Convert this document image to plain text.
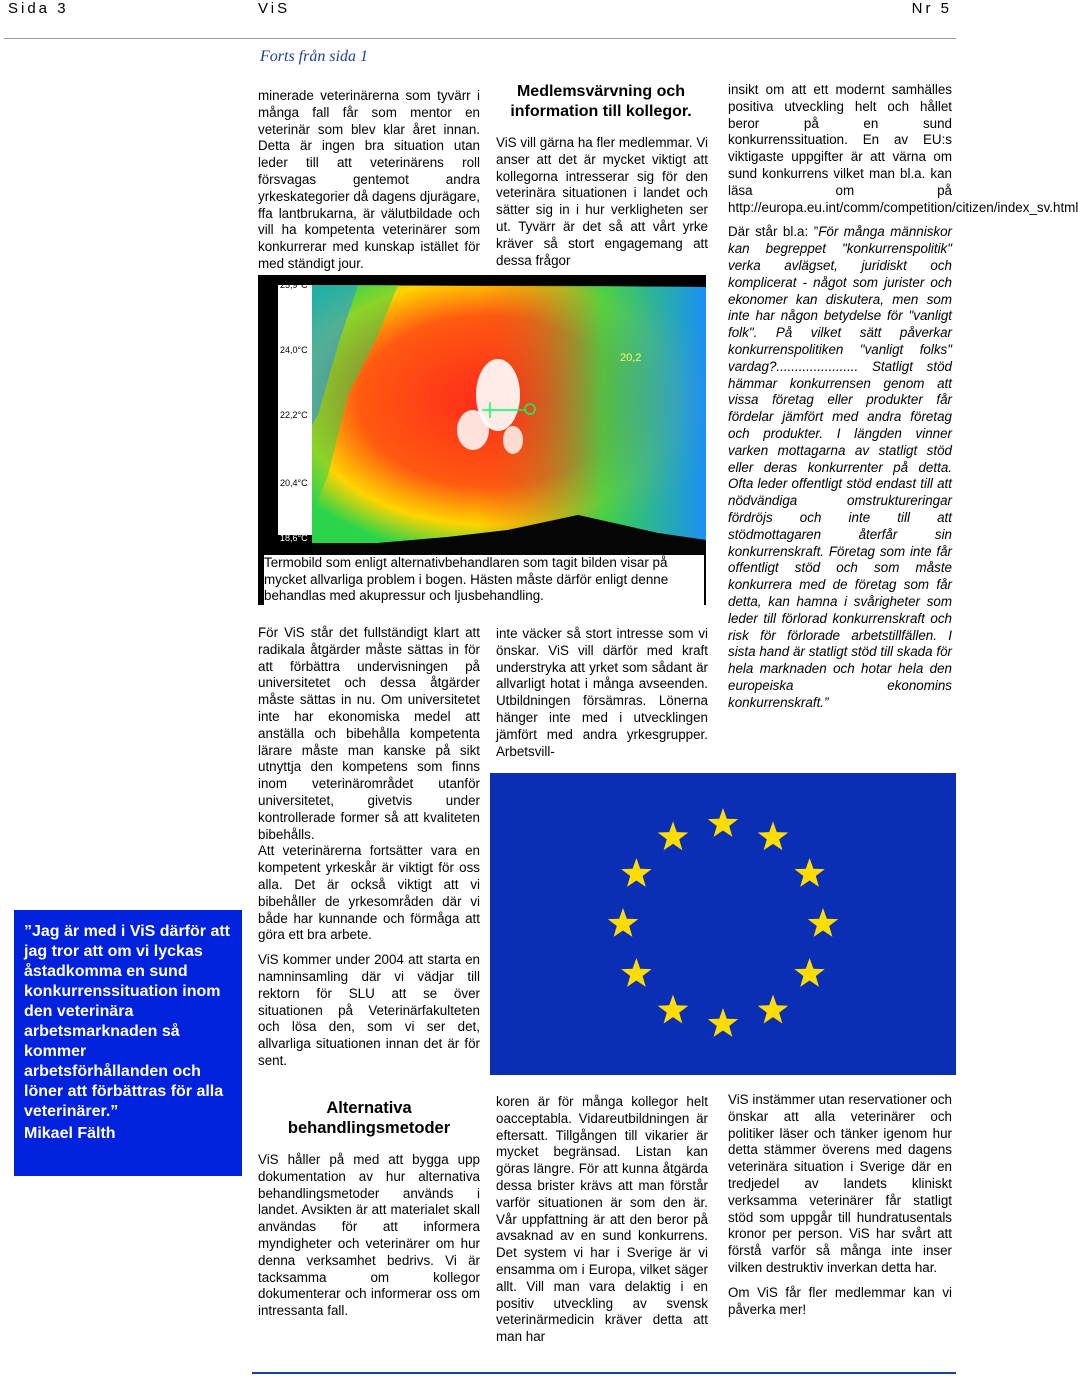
Sida 3	ViS	Nr 5
Forts från sida 1

minerade veterinärerna som tyvärr i många fall får som mentor en veterinär som blev klar året innan. Detta är ingen bra situation utan leder till att veterinärens roll försvagas gentemot andra yrkeskategorier då dagens djurägare, ffa lantbrukarna, är välutbildade och vill ha kompetenta veterinärer som konkurrerar med kunskap istället för med ständigt jour.

Medlemsvärvning och information till kollegor.

ViS vill gärna ha fler medlemmar. Vi anser att det är mycket viktigt att kollegorna intresserar sig för den veterinära situationen i landet och sätter sig in i hur verkligheten ser ut. Tyvärr är det så att vårt yrke kräver så stort engagemang att dessa frågor

25,9°C
24,0°C
22,2°C
20,4°C
18,6°C
20,2
Termobild som enligt alternativbehandlaren som tagit bilden visar på mycket allvarliga problem i bogen. Hästen måste därför enligt denne behandlas med akupressur och ljusbehandling.

För ViS står det fullständigt klart att radikala åtgärder måste sättas in för att förbättra undervisningen på universitetet och dessa åtgärder måste sättas in nu. Om universitetet inte har ekonomiska medel att anställa och bibehålla kompetenta lärare måste man kanske på sikt utnyttja den kompetens som finns inom veterinärområdet utanför universitetet, givetvis under kontrollerade former så att kvaliteten bibehålls.

Att veterinärerna fortsätter vara en kompetent yrkeskår är viktigt för oss alla. Det är också viktigt att vi bibehåller de yrkesområden där vi både har kunnande och förmåga att göra ett bra arbete.

ViS kommer under 2004 att starta en namninsamling där vi vädjar till rektorn för SLU att se över situationen på Veterinärfakulteten och lösa den, som vi ser det, allvarliga situationen innan det är för sent.

inte väcker så stort intresse som vi önskar. ViS vill därför med kraft understryka att yrket som sådant är allvarligt hotat i många avseenden. Utbildningen försämras. Lönerna hänger inte med i utvecklingen jämfört med andra yrkesgrupper. Arbetsvill-

insikt om att ett modernt samhälles positiva utveckling helt och hållet beror på en sund konkurrenssituation. En av EU:s viktigaste uppgifter är att värna om sund konkurrens vilket man bl.a. kan läsa om på http://europa.eu.int/comm/competition/citizen/index_sv.html

Där står bl.a: ”För många människor kan begreppet "konkurrenspolitik" verka avlägset, juridiskt och komplicerat - något som jurister och ekonomer kan diskutera, men som inte har någon betydelse för "vanligt folk". På vilket sätt påverkar konkurrenspolitiken "vanligt folks" vardag?...................... Statligt stöd hämmar konkurrensen genom att vissa företag eller produkter får fördelar jämfört med andra företag och produkter. I längden vinner varken mottagarna av statligt stöd eller deras konkurrenter på detta. Ofta leder offentligt stöd endast till att nödvändiga omstruktureringar fördröjs och inte till att stödmottagaren återfår sin konkurrenskraft. Företag som inte får offentligt stöd och som måste konkurrera med de företag som får detta, kan hamna i svårigheter som leder till förlorad konkurrenskraft och risk för förlorade arbetstillfällen. I sista hand är statligt stöd till skada för hela marknaden och hotar hela den europeiska ekonomins konkurrenskraft.”

”Jag är med i ViS därför att jag tror att om vi lyckas åstadkomma en sund konkurrenssituation inom den veterinära arbetsmarknaden så kommer arbetsförhållanden och löner att förbättras för alla veterinärer.”
Mikael Fälth
Alternativa behandlingsmetoder

ViS håller på med att bygga upp dokumentation av hur alternativa behandlingsmetoder används i landet. Avsikten är att materialet skall användas för att informera myndigheter och veterinärer om hur denna verksamhet bedrivs. Vi är tacksamma om kollegor dokumenterar och informerar oss om intressanta fall.

koren är för många kollegor helt oacceptabla. Vidareutbildningen är eftersatt. Tillgången till vikarier är mycket begränsad. Listan kan göras längre. För att kunna åtgärda dessa brister krävs att man förstår varför situationen är som den är. Vår uppfattning är att den beror på avsaknad av en sund konkurrens. Det system vi har i Sverige är vi ensamma om i Europa, vilket säger allt. Vill man vara delaktig i en positiv utveckling av svensk veterinärmedicin kräver detta att man har

ViS instämmer utan reservationer och önskar att alla veterinärer och politiker läser och tänker igenom hur detta stämmer överens med dagens veterinära situation i Sverige där en tredjedel av landets kliniskt verksamma veterinärer får statligt stöd som uppgår till hundratusentals kronor per person. ViS har svårt att förstå varför så många inte inser vilken destruktiv inverkan detta har.

Om ViS får fler medlemmar kan vi påverka mer!
